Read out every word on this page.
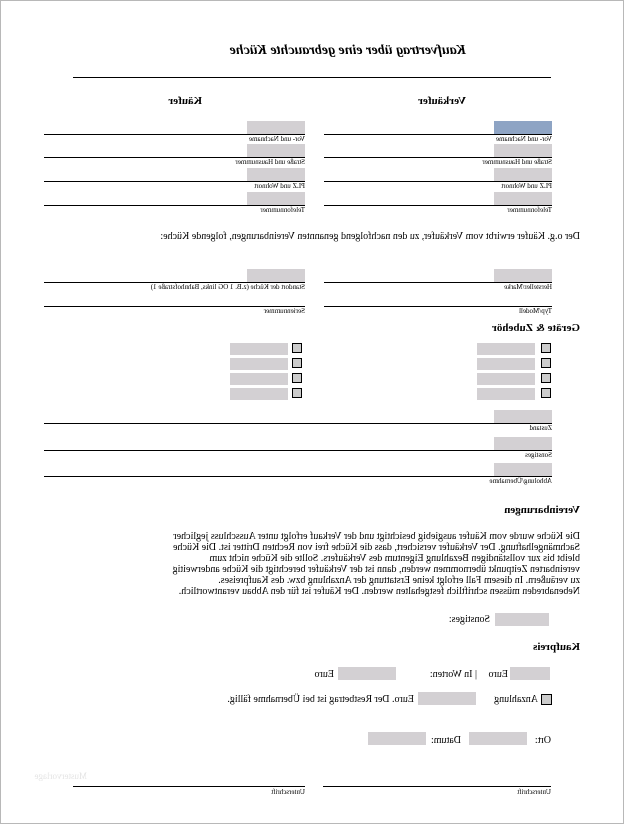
Kaufvertrag über eine gebrauchte Küche
Verkäufer
Vor- und Nachname
Straße und Hausnummer
PLZ und Wohnort
Telefonnummer
Käufer
Vor- und Nachname
Straße und Hausnummer
PLZ und Wohnort
Telefonnummer
Der o.g. Käufer erwirbt vom Verkäufer, zu den nachfolgend genannten Vereinbarungen, folgende Küche:
Hersteller/Marke
Typ/Modell
Standort der Küche (z.B. 1 OG links, Bahnhofstraße 1)
Seriennummer
Geräte & Zubehör
Zustand
Sonstiges
Abholung/Übernahme
Vereinbarungen
Die Küche wurde vom Käufer ausgiebig besichtigt und der Verkauf erfolgt unter Ausschluss jeglicher
Sachmängelhaftung. Der Verkäufer versichert, dass die Küche frei von Rechten Dritter ist. Die Küche
bleibt bis zur vollständigen Bezahlung Eigentum des Verkäufers. Sollte die Küche nicht zum
vereinbarten Zeitpunkt übernommen werden, dann ist der Verkäufer berechtigt die Küche anderweitig
zu veräußern. In diesem Fall erfolgt keine Erstattung der Anzahlung bzw. des Kaufpreises.
Nebenabreden müssen schriftlich festgehalten werden. Der Käufer ist für den Abbau verantwortlich.
Sonstiges:
Kaufpreis
Euro
| In Worten:
Euro
Anzahlung
Euro. Der Restbetrag ist bei Übernahme fällig.
Ort:
Datum:
Unterschrift
Unterschrift
Mustervorlage
